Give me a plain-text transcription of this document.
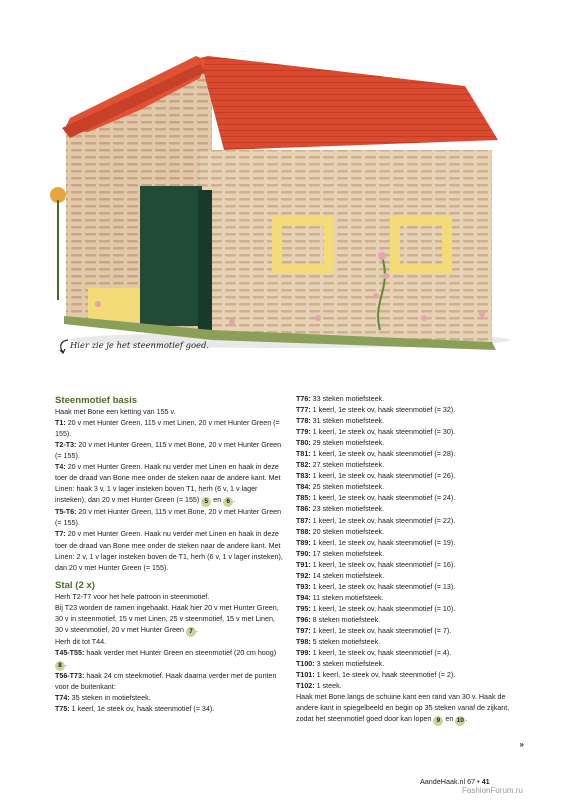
Hier zie je het steenmotief goed.
Steenmotief basis
Haak met Bone een ketting van 155 v.
T1: 20 v met Hunter Green, 115 v met Linen, 20 v met Hunter Green (= 155).
T2-T3: 20 v met Hunter Green, 115 v met Bone, 20 v met Hunter Green (= 155).
T4: 20 v met Hunter Green. Haak nu verder met Linen en haak in deze toer de draad van Bone mee onder de steken naar de andere kant. Met Linen: haak 3 v, 1 v lager insteken boven T1, herh (6 v, 1 v lager insteken), dan 20 v met Hunter Green (= 155) 5 en 6 .
T5-T6: 20 v met Hunter Green, 115 v met Bone, 20 v met Hunter Green (= 155).
T7: 20 v met Hunter Green. Haak nu verder met Linen en haak in deze toer de draad van Bone mee onder de steken naar de andere kant. Met Linen: 2 v, 1 v lager insteken boven de T1, herh (6 v, 1 v lager insteken), dan 20 v met Hunter Green (= 155).
Stal (2 x)
Herh T2-T7 voor het hele patroon in steenmotief.
Bij T23 worden de ramen ingehaakt. Haak hier 20 v met Hunter Green, 30 v in steenmotief, 15 v met Linen, 25 v steenmotief, 15 v met Linen, 30 v steenmotief, 20 v met Hunter Green 7 .
Herh dit tot T44.
T45-T55: haak verder met Hunter Green en steenmotief (20 cm hoog) 8 .
T56-T73: haak 24 cm steekmotief. Haak daarna verder met de punten voor de buitenkant:
T74: 35 steken in motiefsteek.
T75: 1 keerl, 1e steek ov, haak steenmotief (= 34).
T76: 33 steken motiefsteek.
T77: 1 keerl, 1e steek ov, haak steenmotief (= 32).
T78: 31 steken motiefsteek.
T79: 1 keerl, 1e steek ov, haak steenmotief (= 30).
T80: 29 steken motiefsteek.
T81: 1 keerl, 1e steek ov, haak steenmotief (= 28).
T82: 27 steken motiefsteek.
T83: 1 keerl, 1e steek ov, haak steenmotief (= 26).
T84: 25 steken motiefsteek.
T85: 1 keerl, 1e steek ov, haak steenmotief (= 24).
T86: 23 steken motiefsteek.
T87: 1 keerl, 1e steek ov, haak steenmotief (= 22).
T88: 20 steken motiefsteek.
T89: 1 keerl, 1e steek ov, haak steenmotief (= 19).
T90: 17 steken motiefsteek.
T91: 1 keerl, 1e steek ov, haak steenmotief (= 16).
T92: 14 steken motiefsteek.
T93: 1 keerl, 1e steek ov, haak steenmotief (= 13).
T94: 11 steken motiefsteek.
T95: 1 keerl, 1e steek ov, haak steenmotief (= 10).
T96: 8 steken motiefsteek.
T97: 1 keerl, 1e steek ov, haak steenmotief (= 7).
T98: 5 steken motiefsteek.
T99: 1 keerl, 1e steek ov, haak steenmotief (= 4).
T100: 3 steken motiefsteek.
T101: 1 keerl, 1e steek ov, haak steenmotief (= 2).
T102: 1 steek.
Haak met Bone langs de schuine kant een rand van 30 v. Haak de andere kant in spiegelbeeld en begin op 35 steken vanaf de zijkant, zodat het steenmotief goed door kan lopen 9 en 10.
»
AandeHaak.nl 67 • 41
FashionForum.ru
